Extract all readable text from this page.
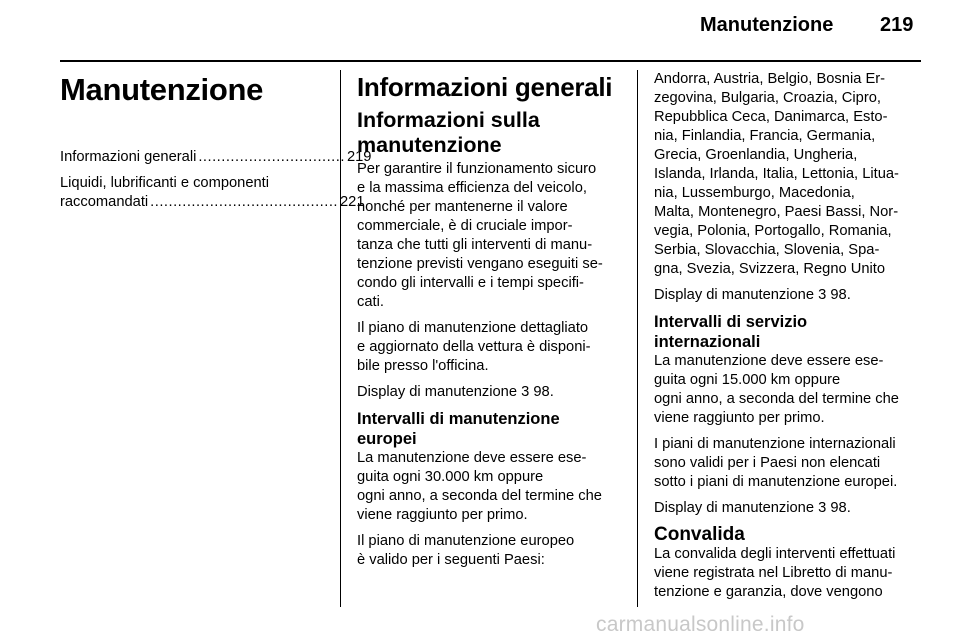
Manutenzione 219
Manutenzione
Informazioni generali ................................ 219
Liquidi, lubrificanti e componenti
raccomandati ......................................... 221
Informazioni generali
Informazioni sulla
manutenzione

Per garantire il funzionamento sicuro
e la massima efficienza del veicolo,
nonché per mantenerne il valore
commerciale, è di cruciale impor-
tanza che tutti gli interventi di manu-
tenzione previsti vengano eseguiti se-
condo gli intervalli e i tempi specifi-
cati.

Il piano di manutenzione dettagliato
e aggiornato della vettura è disponi-
bile presso l'officina.

Display di manutenzione 3 98.

Intervalli di manutenzione
europei

La manutenzione deve essere ese-
guita ogni 30.000 km oppure
ogni anno, a seconda del termine che
viene raggiunto per primo.

Il piano di manutenzione europeo
è valido per i seguenti Paesi:

Andorra, Austria, Belgio, Bosnia Er-
zegovina, Bulgaria, Croazia, Cipro,
Repubblica Ceca, Danimarca, Esto-
nia, Finlandia, Francia, Germania,
Grecia, Groenlandia, Ungheria,
Islanda, Irlanda, Italia, Lettonia, Litua-
nia, Lussemburgo, Macedonia,
Malta, Montenegro, Paesi Bassi, Nor-
vegia, Polonia, Portogallo, Romania,
Serbia, Slovacchia, Slovenia, Spa-
gna, Svezia, Svizzera, Regno Unito

Display di manutenzione 3 98.

Intervalli di servizio
internazionali

La manutenzione deve essere ese-
guita ogni 15.000 km oppure
ogni anno, a seconda del termine che
viene raggiunto per primo.

I piani di manutenzione internazionali
sono validi per i Paesi non elencati
sotto i piani di manutenzione europei.

Display di manutenzione 3 98.

Convalida

La convalida degli interventi effettuati
viene registrata nel Libretto di manu-
tenzione e garanzia, dove vengono

carmanualsonline.info
